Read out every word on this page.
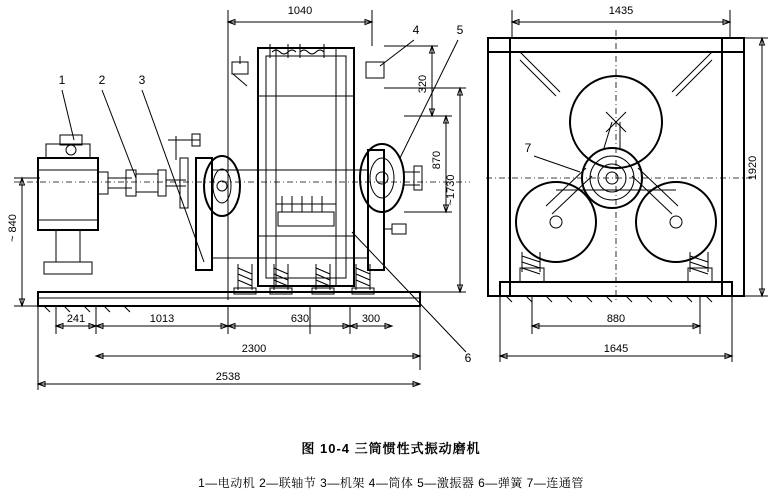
1040
~ 840
320
870
~1730
241	1013	630	300
2300
2538
1	2	3
4	5
6
1435
1920
880
1645
7
图 10-4 三筒惯性式振动磨机
1—电动机 2—联轴节 3—机架 4—筒体 5—激振器 6—弹簧 7—连通管
